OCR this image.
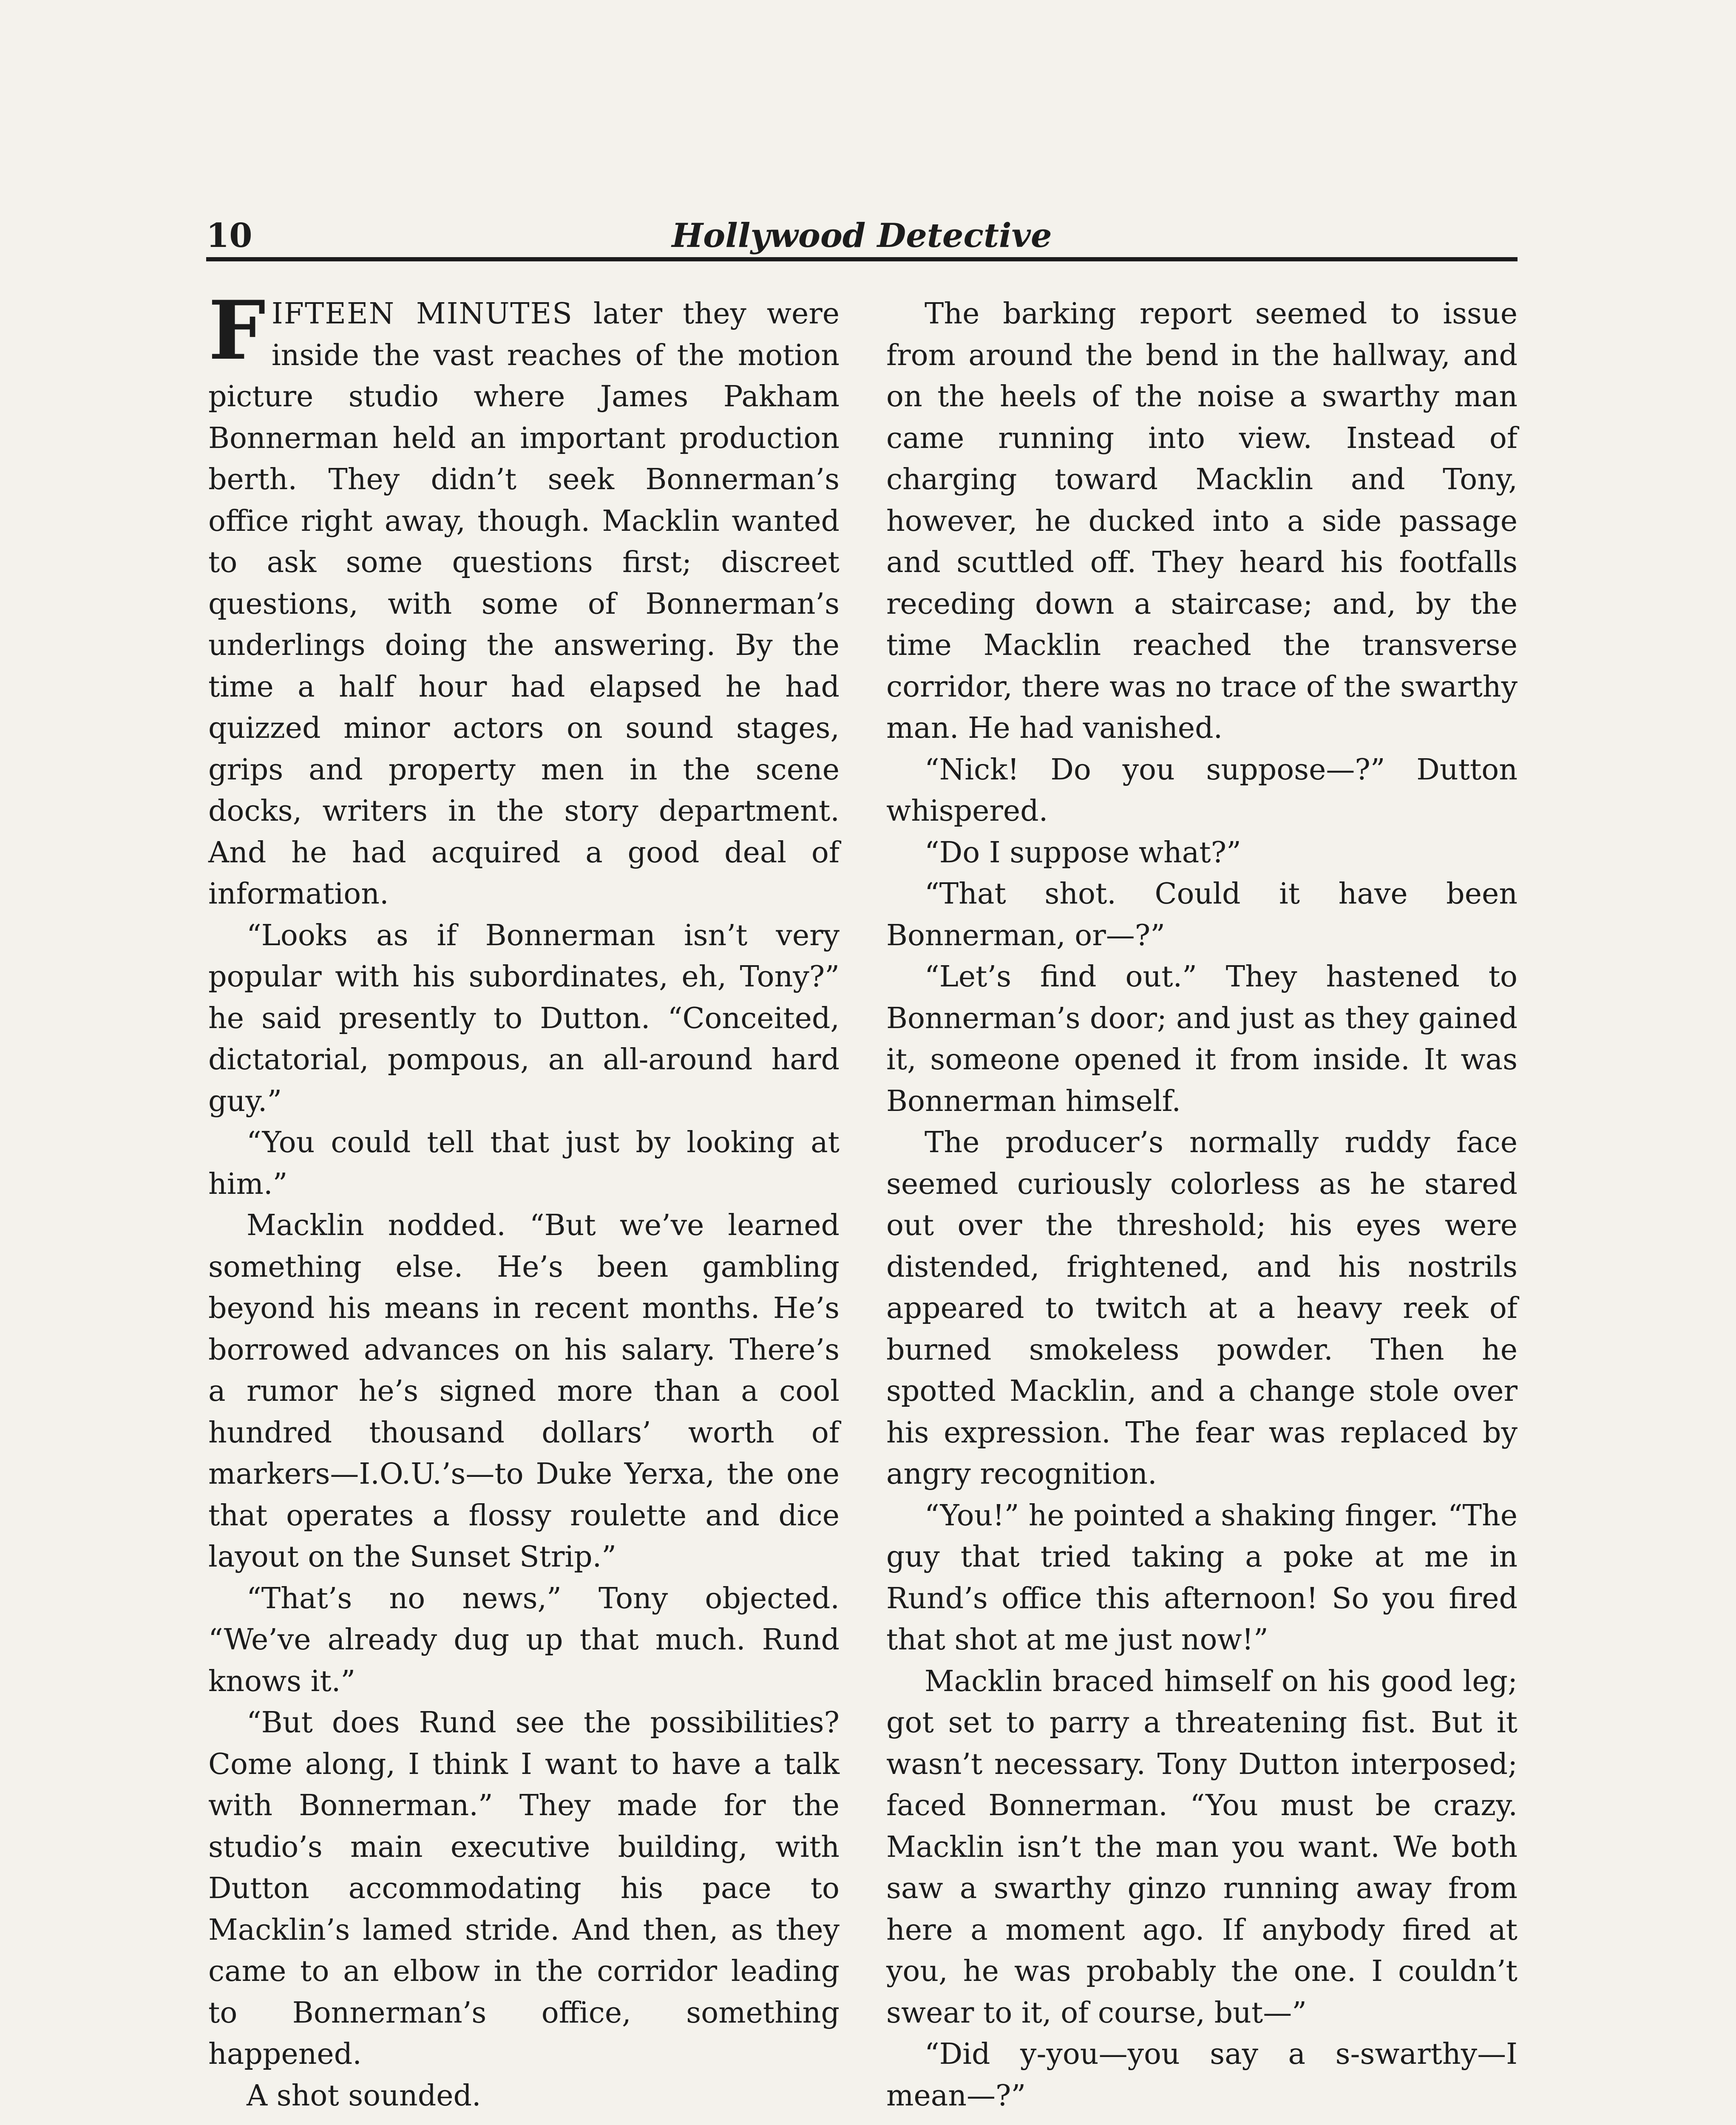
10	Hollywood Detective

FIFTEEN MINUTES later they were inside the vast reaches of the motion picture studio where James Pakham Bonnerman held an important production berth. They didn’t seek Bonnerman’s office right away, though. Macklin wanted to ask some questions first; discreet questions, with some of Bonnerman’s underlings doing the answering. By the time a half hour had elapsed he had quizzed minor actors on sound stages, grips and property men in the scene docks, writers in the story department. And he had acquired a good deal of information.

“Looks as if Bonnerman isn’t very popular with his subordinates, eh, Tony?” he said presently to Dutton. “Conceited, dictatorial, pompous, an all-around hard guy.”

“You could tell that just by looking at him.”

Macklin nodded. “But we’ve learned something else. He’s been gambling beyond his means in recent months. He’s borrowed advances on his salary. There’s a rumor he’s signed more than a cool hundred thousand dollars’ worth of markers—I.O.U.’s—to Duke Yerxa, the one that operates a flossy roulette and dice layout on the Sunset Strip.”

“That’s no news,” Tony objected. “We’ve already dug up that much. Rund knows it.”

“But does Rund see the possibilities? Come along, I think I want to have a talk with Bonnerman.” They made for the studio’s main executive building, with Dutton accommodating his pace to Macklin’s lamed stride. And then, as they came to an elbow in the corridor leading to Bonnerman’s office, something happened.

A shot sounded.

The barking report seemed to issue from around the bend in the hallway, and on the heels of the noise a swarthy man came running into view. Instead of charging toward Macklin and Tony, however, he ducked into a side passage and scuttled off. They heard his footfalls receding down a staircase; and, by the time Macklin reached the transverse corridor, there was no trace of the swarthy man. He had vanished.

“Nick! Do you suppose—?” Dutton whispered.

“Do I suppose what?”

“That shot. Could it have been Bonnerman, or—?”

“Let’s find out.” They hastened to Bonnerman’s door; and just as they gained it, someone opened it from inside. It was Bonnerman himself.

The producer’s normally ruddy face seemed curiously colorless as he stared out over the threshold; his eyes were distended, frightened, and his nostrils appeared to twitch at a heavy reek of burned smokeless powder. Then he spotted Macklin, and a change stole over his expression. The fear was replaced by angry recognition.

“You!” he pointed a shaking finger. “The guy that tried taking a poke at me in Rund’s office this afternoon! So you fired that shot at me just now!”

Macklin braced himself on his good leg; got set to parry a threatening fist. But it wasn’t necessary. Tony Dutton interposed; faced Bonnerman. “You must be crazy. Macklin isn’t the man you want. We both saw a swarthy ginzo running away from here a moment ago. If anybody fired at you, he was probably the one. I couldn’t swear to it, of course, but—”

“Did y-you—you say a s-swarthy—I mean—?”
